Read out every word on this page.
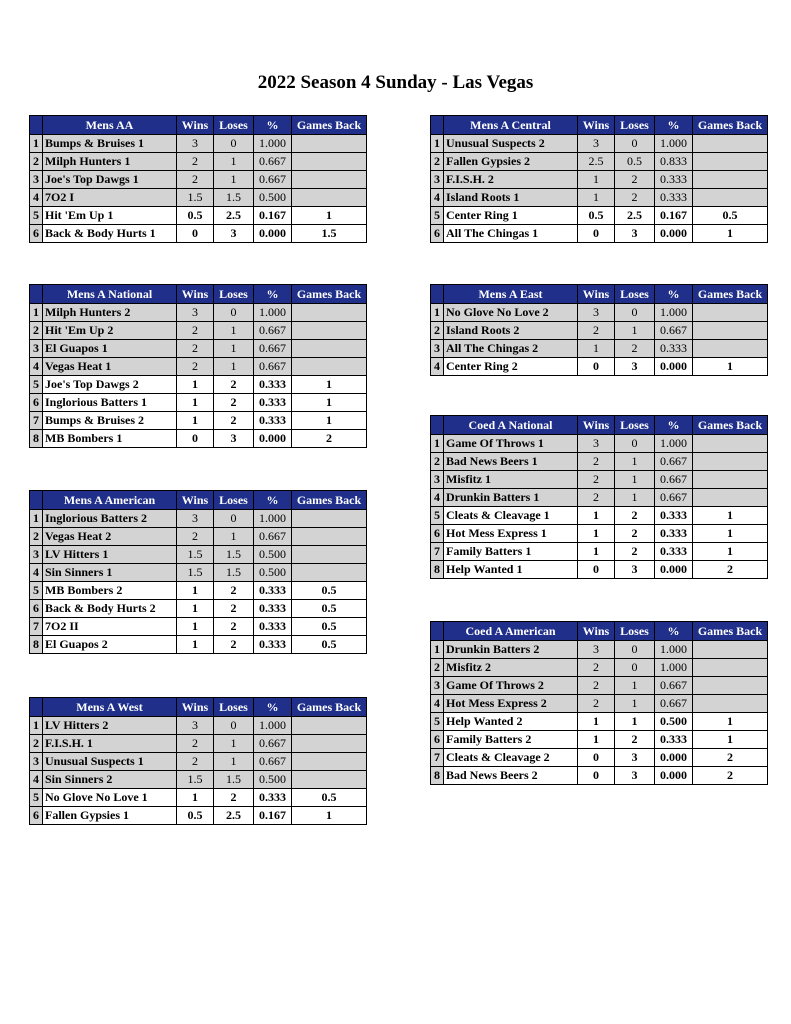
2022 Season 4 Sunday - Las Vegas
	Mens AA	Wins	Loses	%	Games Back
1	Bumps & Bruises 1	3	0	1.000	
2	Milph Hunters 1	2	1	0.667	
3	Joe's Top Dawgs 1	2	1	0.667	
4	7O2 I	1.5	1.5	0.500	
5	Hit 'Em Up 1	0.5	2.5	0.167	1
6	Back & Body Hurts 1	0	3	0.000	1.5
	Mens A National	Wins	Loses	%	Games Back
1	Milph Hunters 2	3	0	1.000	
2	Hit 'Em Up 2	2	1	0.667	
3	El Guapos 1	2	1	0.667	
4	Vegas Heat 1	2	1	0.667	
5	Joe's Top Dawgs 2	1	2	0.333	1
6	Inglorious Batters 1	1	2	0.333	1
7	Bumps & Bruises 2	1	2	0.333	1
8	MB Bombers 1	0	3	0.000	2
	Mens A American	Wins	Loses	%	Games Back
1	Inglorious Batters 2	3	0	1.000	
2	Vegas Heat 2	2	1	0.667	
3	LV Hitters 1	1.5	1.5	0.500	
4	Sin Sinners 1	1.5	1.5	0.500	
5	MB Bombers 2	1	2	0.333	0.5
6	Back & Body Hurts 2	1	2	0.333	0.5
7	7O2 II	1	2	0.333	0.5
8	El Guapos 2	1	2	0.333	0.5
	Mens A West	Wins	Loses	%	Games Back
1	LV Hitters 2	3	0	1.000	
2	F.I.S.H. 1	2	1	0.667	
3	Unusual Suspects 1	2	1	0.667	
4	Sin Sinners 2	1.5	1.5	0.500	
5	No Glove No Love 1	1	2	0.333	0.5
6	Fallen Gypsies 1	0.5	2.5	0.167	1
	Mens A Central	Wins	Loses	%	Games Back
1	Unusual Suspects 2	3	0	1.000	
2	Fallen Gypsies 2	2.5	0.5	0.833	
3	F.I.S.H. 2	1	2	0.333	
4	Island Roots 1	1	2	0.333	
5	Center Ring 1	0.5	2.5	0.167	0.5
6	All The Chingas 1	0	3	0.000	1
	Mens A East	Wins	Loses	%	Games Back
1	No Glove No Love 2	3	0	1.000	
2	Island Roots 2	2	1	0.667	
3	All The Chingas 2	1	2	0.333	
4	Center Ring 2	0	3	0.000	1
	Coed A National	Wins	Loses	%	Games Back
1	Game Of Throws 1	3	0	1.000	
2	Bad News Beers 1	2	1	0.667	
3	Misfitz 1	2	1	0.667	
4	Drunkin Batters 1	2	1	0.667	
5	Cleats & Cleavage 1	1	2	0.333	1
6	Hot Mess Express 1	1	2	0.333	1
7	Family Batters 1	1	2	0.333	1
8	Help Wanted 1	0	3	0.000	2
	Coed A American	Wins	Loses	%	Games Back
1	Drunkin Batters 2	3	0	1.000	
2	Misfitz 2	2	0	1.000	
3	Game Of Throws 2	2	1	0.667	
4	Hot Mess Express 2	2	1	0.667	
5	Help Wanted 2	1	1	0.500	1
6	Family Batters 2	1	2	0.333	1
7	Cleats & Cleavage 2	0	3	0.000	2
8	Bad News Beers 2	0	3	0.000	2
